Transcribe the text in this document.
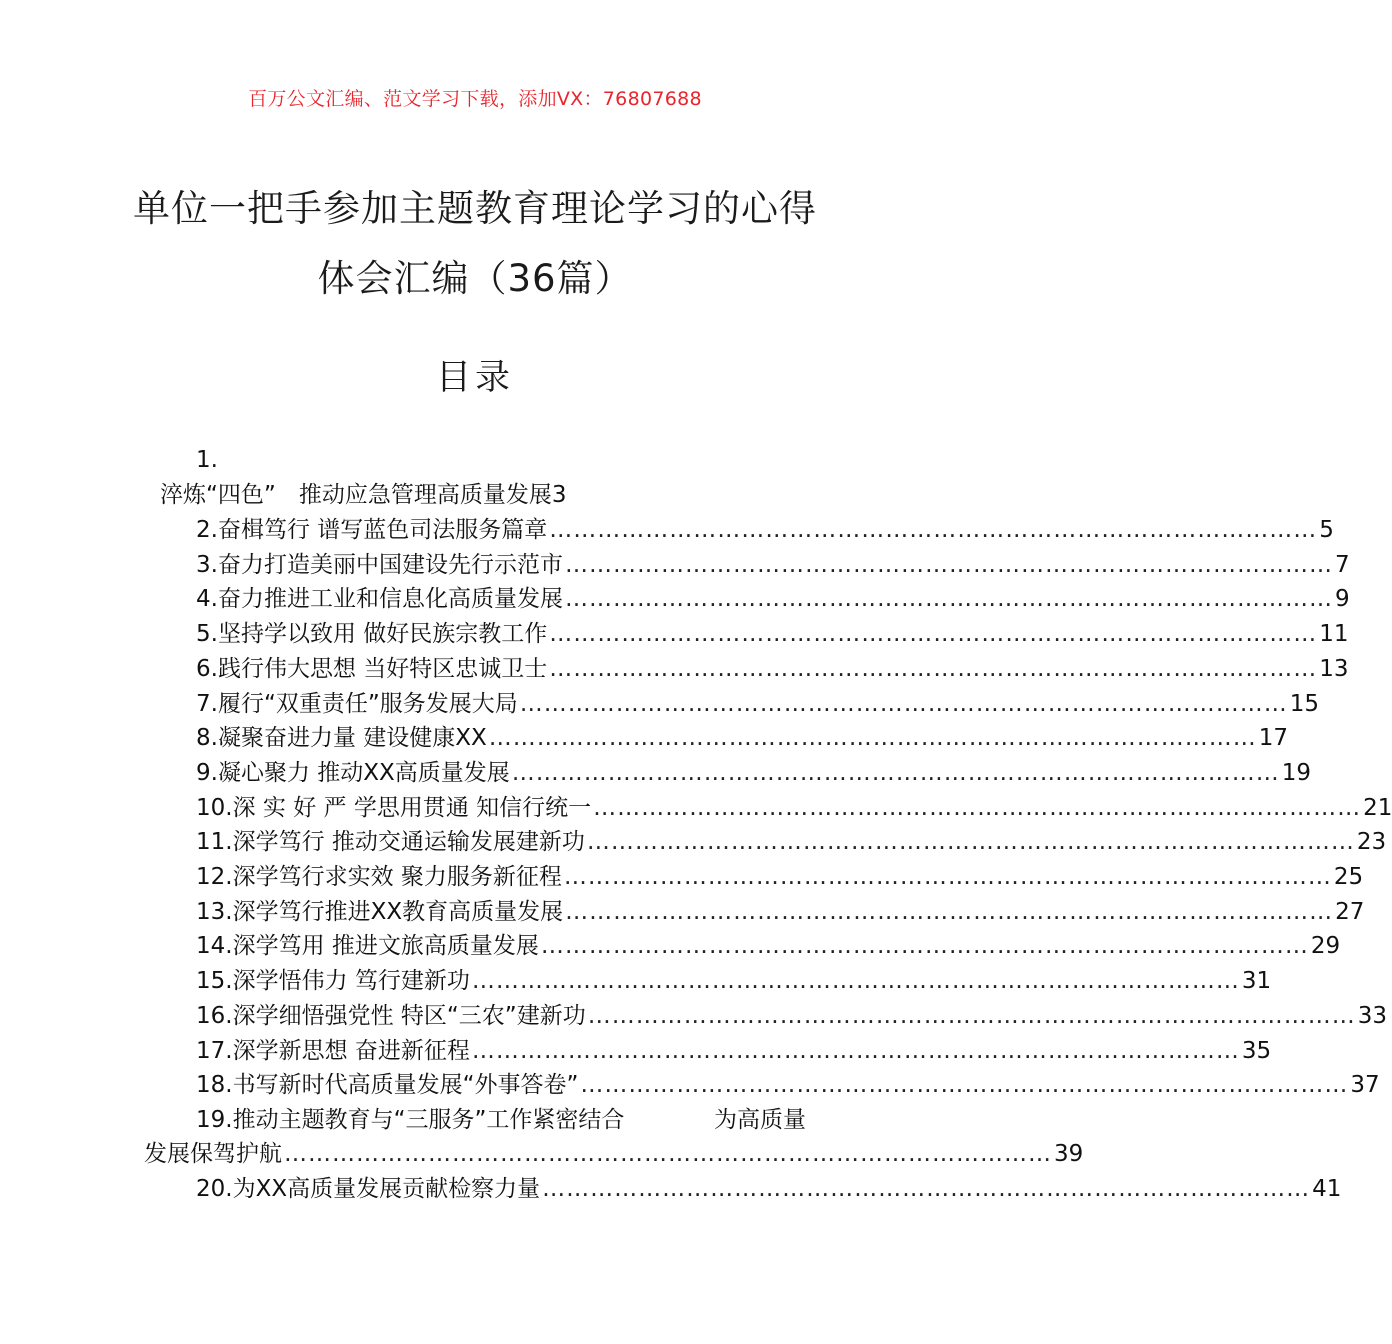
百万公文汇编、范文学习下载，添加VX：76807688
单位一把手参加主题教育理论学习的心得
体会汇编（36篇）
目录
1.
淬炼“四色”　推动应急管理高质量发展3
2.奋楫笃行 谱写蓝色司法服务篇章 …………………………………………………………………………………… 5
3.奋力打造美丽中国建设先行示范市 …………………………………………………………………………………… 7
4.奋力推进工业和信息化高质量发展 …………………………………………………………………………………… 9
5.坚持学以致用 做好民族宗教工作 …………………………………………………………………………………… 11
6.践行伟大思想 当好特区忠诚卫士 …………………………………………………………………………………… 13
7.履行“双重责任”服务发展大局 …………………………………………………………………………………… 15
8.凝聚奋进力量 建设健康XX …………………………………………………………………………………… 17
9.凝心聚力 推动XX高质量发展 …………………………………………………………………………………… 19
10.深 实 好 严 学思用贯通 知信行统一 …………………………………………………………………………………… 21
11.深学笃行 推动交通运输发展建新功 …………………………………………………………………………………… 23
12.深学笃行求实效 聚力服务新征程 …………………………………………………………………………………… 25
13.深学笃行推进XX教育高质量发展 …………………………………………………………………………………… 27
14.深学笃用 推进文旅高质量发展 …………………………………………………………………………………… 29
15.深学悟伟力 笃行建新功 …………………………………………………………………………………… 31
16.深学细悟强党性 特区“三农”建新功 …………………………………………………………………………………… 33
17.深学新思想 奋进新征程 …………………………………………………………………………………… 35
18.书写新时代高质量发展“外事答卷” …………………………………………………………………………………… 37
19.推动主题教育与“三服务”工作紧密结合	为高质量
发展保驾护航 …………………………………………………………………………………… 39
20.为XX高质量发展贡献检察力量 …………………………………………………………………………………… 41
